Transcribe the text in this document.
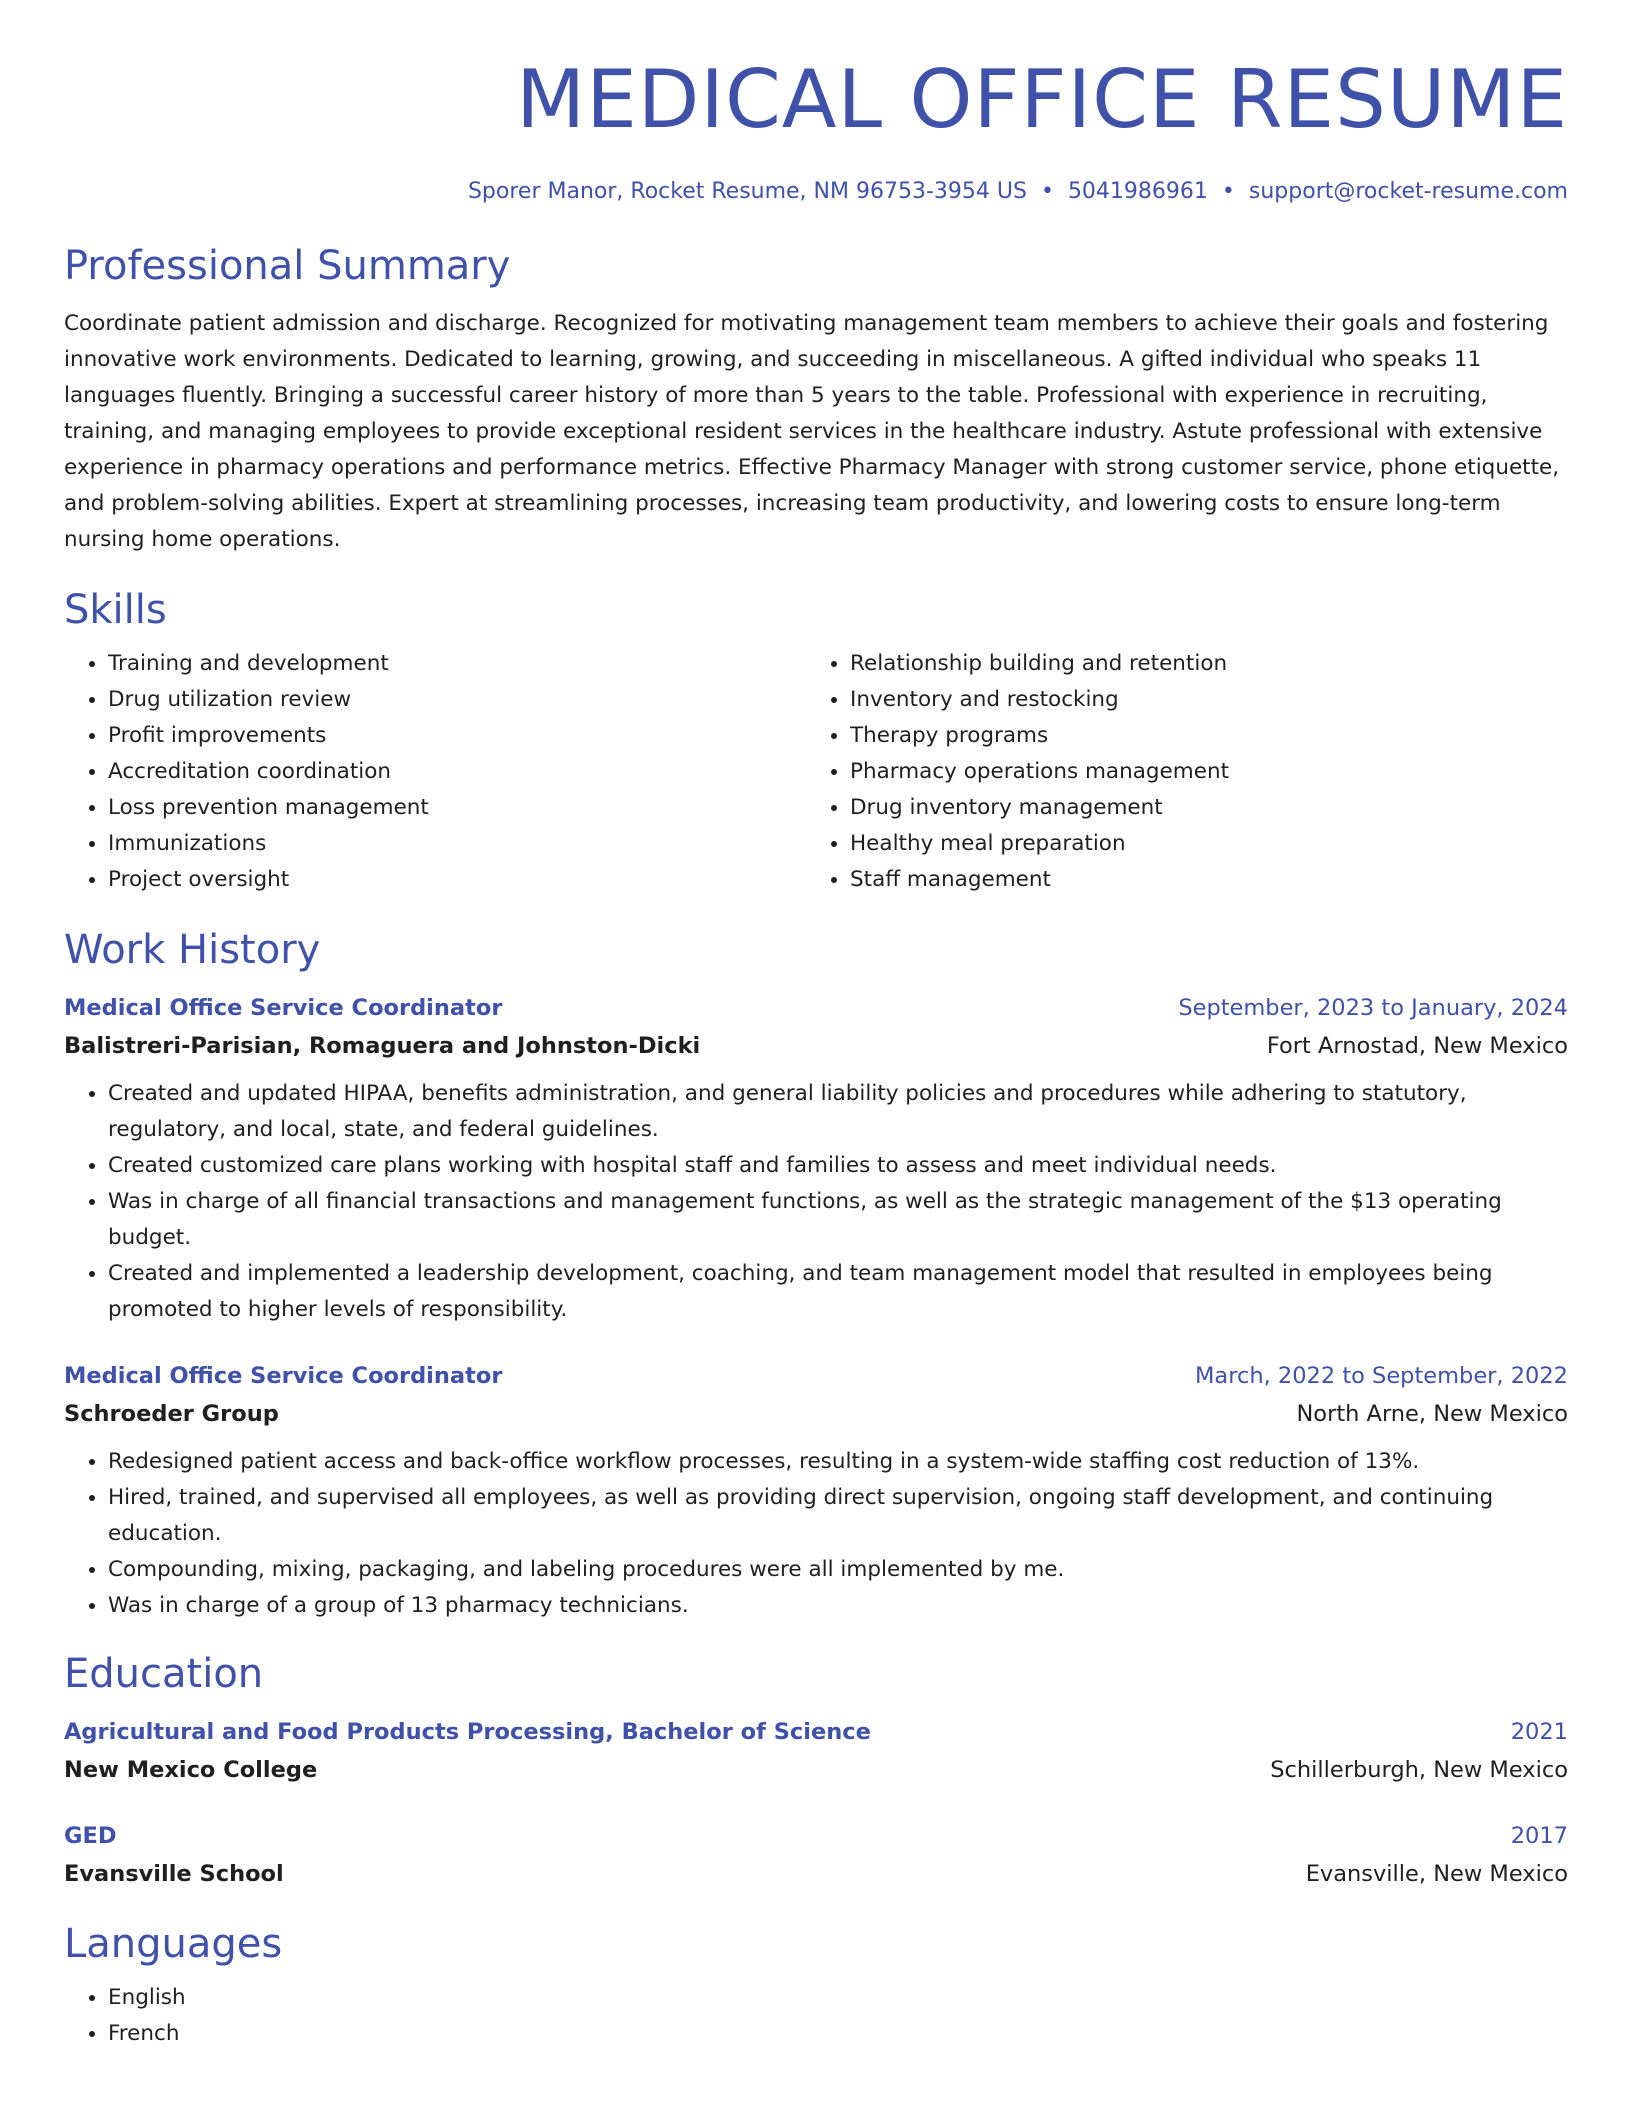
MEDICAL OFFICE RESUME
Sporer Manor, Rocket Resume, NM 96753-3954 US • 5041986961 • support@rocket-resume.com
Professional Summary
Coordinate patient admission and discharge. Recognized for motivating management team members to achieve their goals and fostering innovative work environments. Dedicated to learning, growing, and succeeding in miscellaneous. A gifted individual who speaks 11 languages fluently. Bringing a successful career history of more than 5 years to the table. Professional with experience in recruiting, training, and managing employees to provide exceptional resident services in the healthcare industry. Astute professional with extensive experience in pharmacy operations and performance metrics. Effective Pharmacy Manager with strong customer service, phone etiquette, and problem-solving abilities. Expert at streamlining processes, increasing team productivity, and lowering costs to ensure long-term nursing home operations.
Skills
• Training and development
• Drug utilization review
• Profit improvements
• Accreditation coordination
• Loss prevention management
• Immunizations
• Project oversight
• Relationship building and retention
• Inventory and restocking
• Therapy programs
• Pharmacy operations management
• Drug inventory management
• Healthy meal preparation
• Staff management
Work History
Medical Office Service Coordinator	September, 2023 to January, 2024
Balistreri-Parisian, Romaguera and Johnston-Dicki	Fort Arnostad, New Mexico
• Created and updated HIPAA, benefits administration, and general liability policies and procedures while adhering to statutory, regulatory, and local, state, and federal guidelines.
• Created customized care plans working with hospital staff and families to assess and meet individual needs.
• Was in charge of all financial transactions and management functions, as well as the strategic management of the $13 operating budget.
• Created and implemented a leadership development, coaching, and team management model that resulted in employees being promoted to higher levels of responsibility.
Medical Office Service Coordinator	March, 2022 to September, 2022
Schroeder Group	North Arne, New Mexico
• Redesigned patient access and back-office workflow processes, resulting in a system-wide staffing cost reduction of 13%.
• Hired, trained, and supervised all employees, as well as providing direct supervision, ongoing staff development, and continuing education.
• Compounding, mixing, packaging, and labeling procedures were all implemented by me.
• Was in charge of a group of 13 pharmacy technicians.
Education
Agricultural and Food Products Processing, Bachelor of Science	2021
New Mexico College	Schillerburgh, New Mexico
GED	2017
Evansville School	Evansville, New Mexico
Languages
• English
• French
